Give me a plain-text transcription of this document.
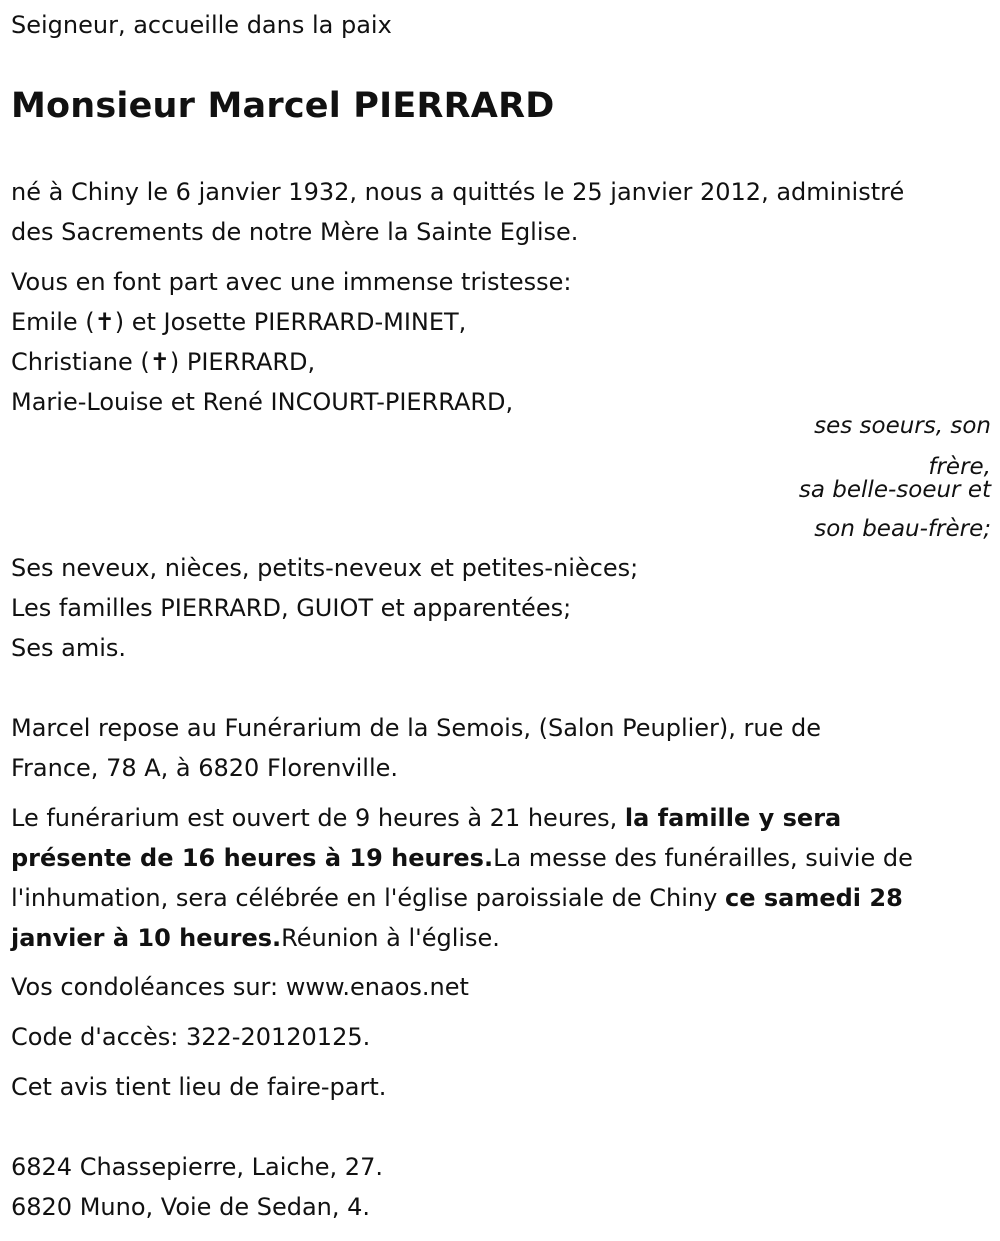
Seigneur, accueille dans la paix
Monsieur Marcel PIERRARD
né à Chiny le 6 janvier 1932, nous a quittés le 25 janvier 2012, administré
des Sacrements de notre Mère la Sainte Eglise.
Vous en font part avec une immense tristesse:
Emile (✝) et Josette PIERRARD-MINET,
Christiane (✝) PIERRARD,
Marie-Louise et René INCOURT-PIERRARD,
ses soeurs, son
frère,
sa belle-soeur et
son beau-frère;
Ses neveux, nièces, petits-neveux et petites-nièces;
Les familles PIERRARD, GUIOT et apparentées;
Ses amis.
Marcel repose au Funérarium de la Semois, (Salon Peuplier), rue de
France, 78 A, à 6820 Florenville.
Le funérarium est ouvert de 9 heures à 21 heures, la famille y sera
présente de 16 heures à 19 heures.La messe des funérailles, suivie de
l'inhumation, sera célébrée en l'église paroissiale de Chiny ce samedi 28
janvier à 10 heures.Réunion à l'église.
Vos condoléances sur: www.enaos.net
Code d'accès: 322-20120125.
Cet avis tient lieu de faire-part.
6824 Chassepierre, Laiche, 27.
6820 Muno, Voie de Sedan, 4.
